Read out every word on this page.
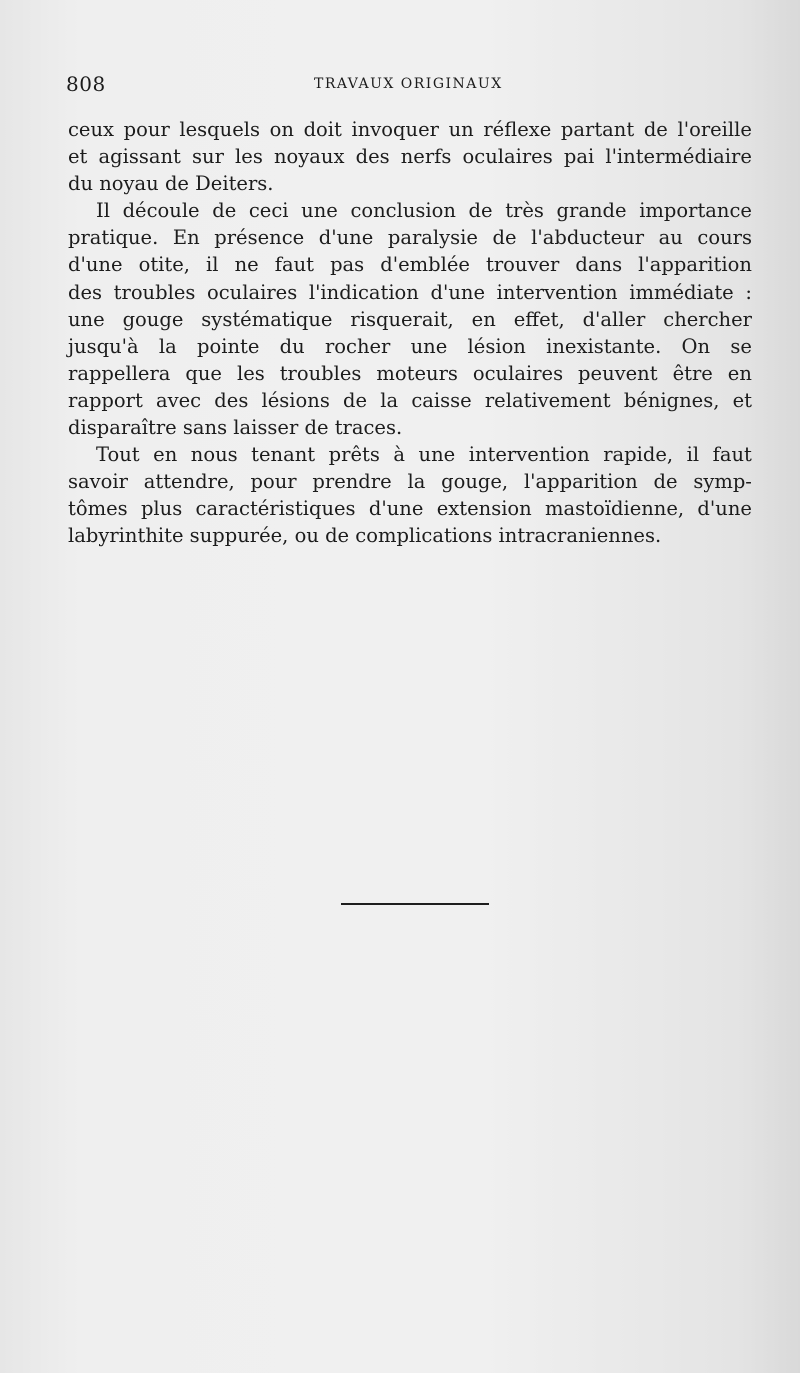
808	TRAVAUX ORIGINAUX
ceux pour lesquels on doit invoquer un réflexe partant de l'oreille
et agissant sur les noyaux des nerfs oculaires pai l'intermédiaire
du noyau de Deiters.
Il découle de ceci une conclusion de très grande importance
pratique. En présence d'une paralysie de l'abducteur au cours
d'une otite, il ne faut pas d'emblée trouver dans l'apparition
des troubles oculaires l'indication d'une intervention immédiate :
une gouge systématique risquerait, en effet, d'aller chercher
jusqu'à la pointe du rocher une lésion inexistante. On se
rappellera que les troubles moteurs oculaires peuvent être en
rapport avec des lésions de la caisse relativement bénignes, et
disparaître sans laisser de traces.
Tout en nous tenant prêts à une intervention rapide, il faut
savoir attendre, pour prendre la gouge, l'apparition de symp-
tômes plus caractéristiques d'une extension mastoïdienne, d'une
labyrinthite suppurée, ou de complications intracraniennes.
